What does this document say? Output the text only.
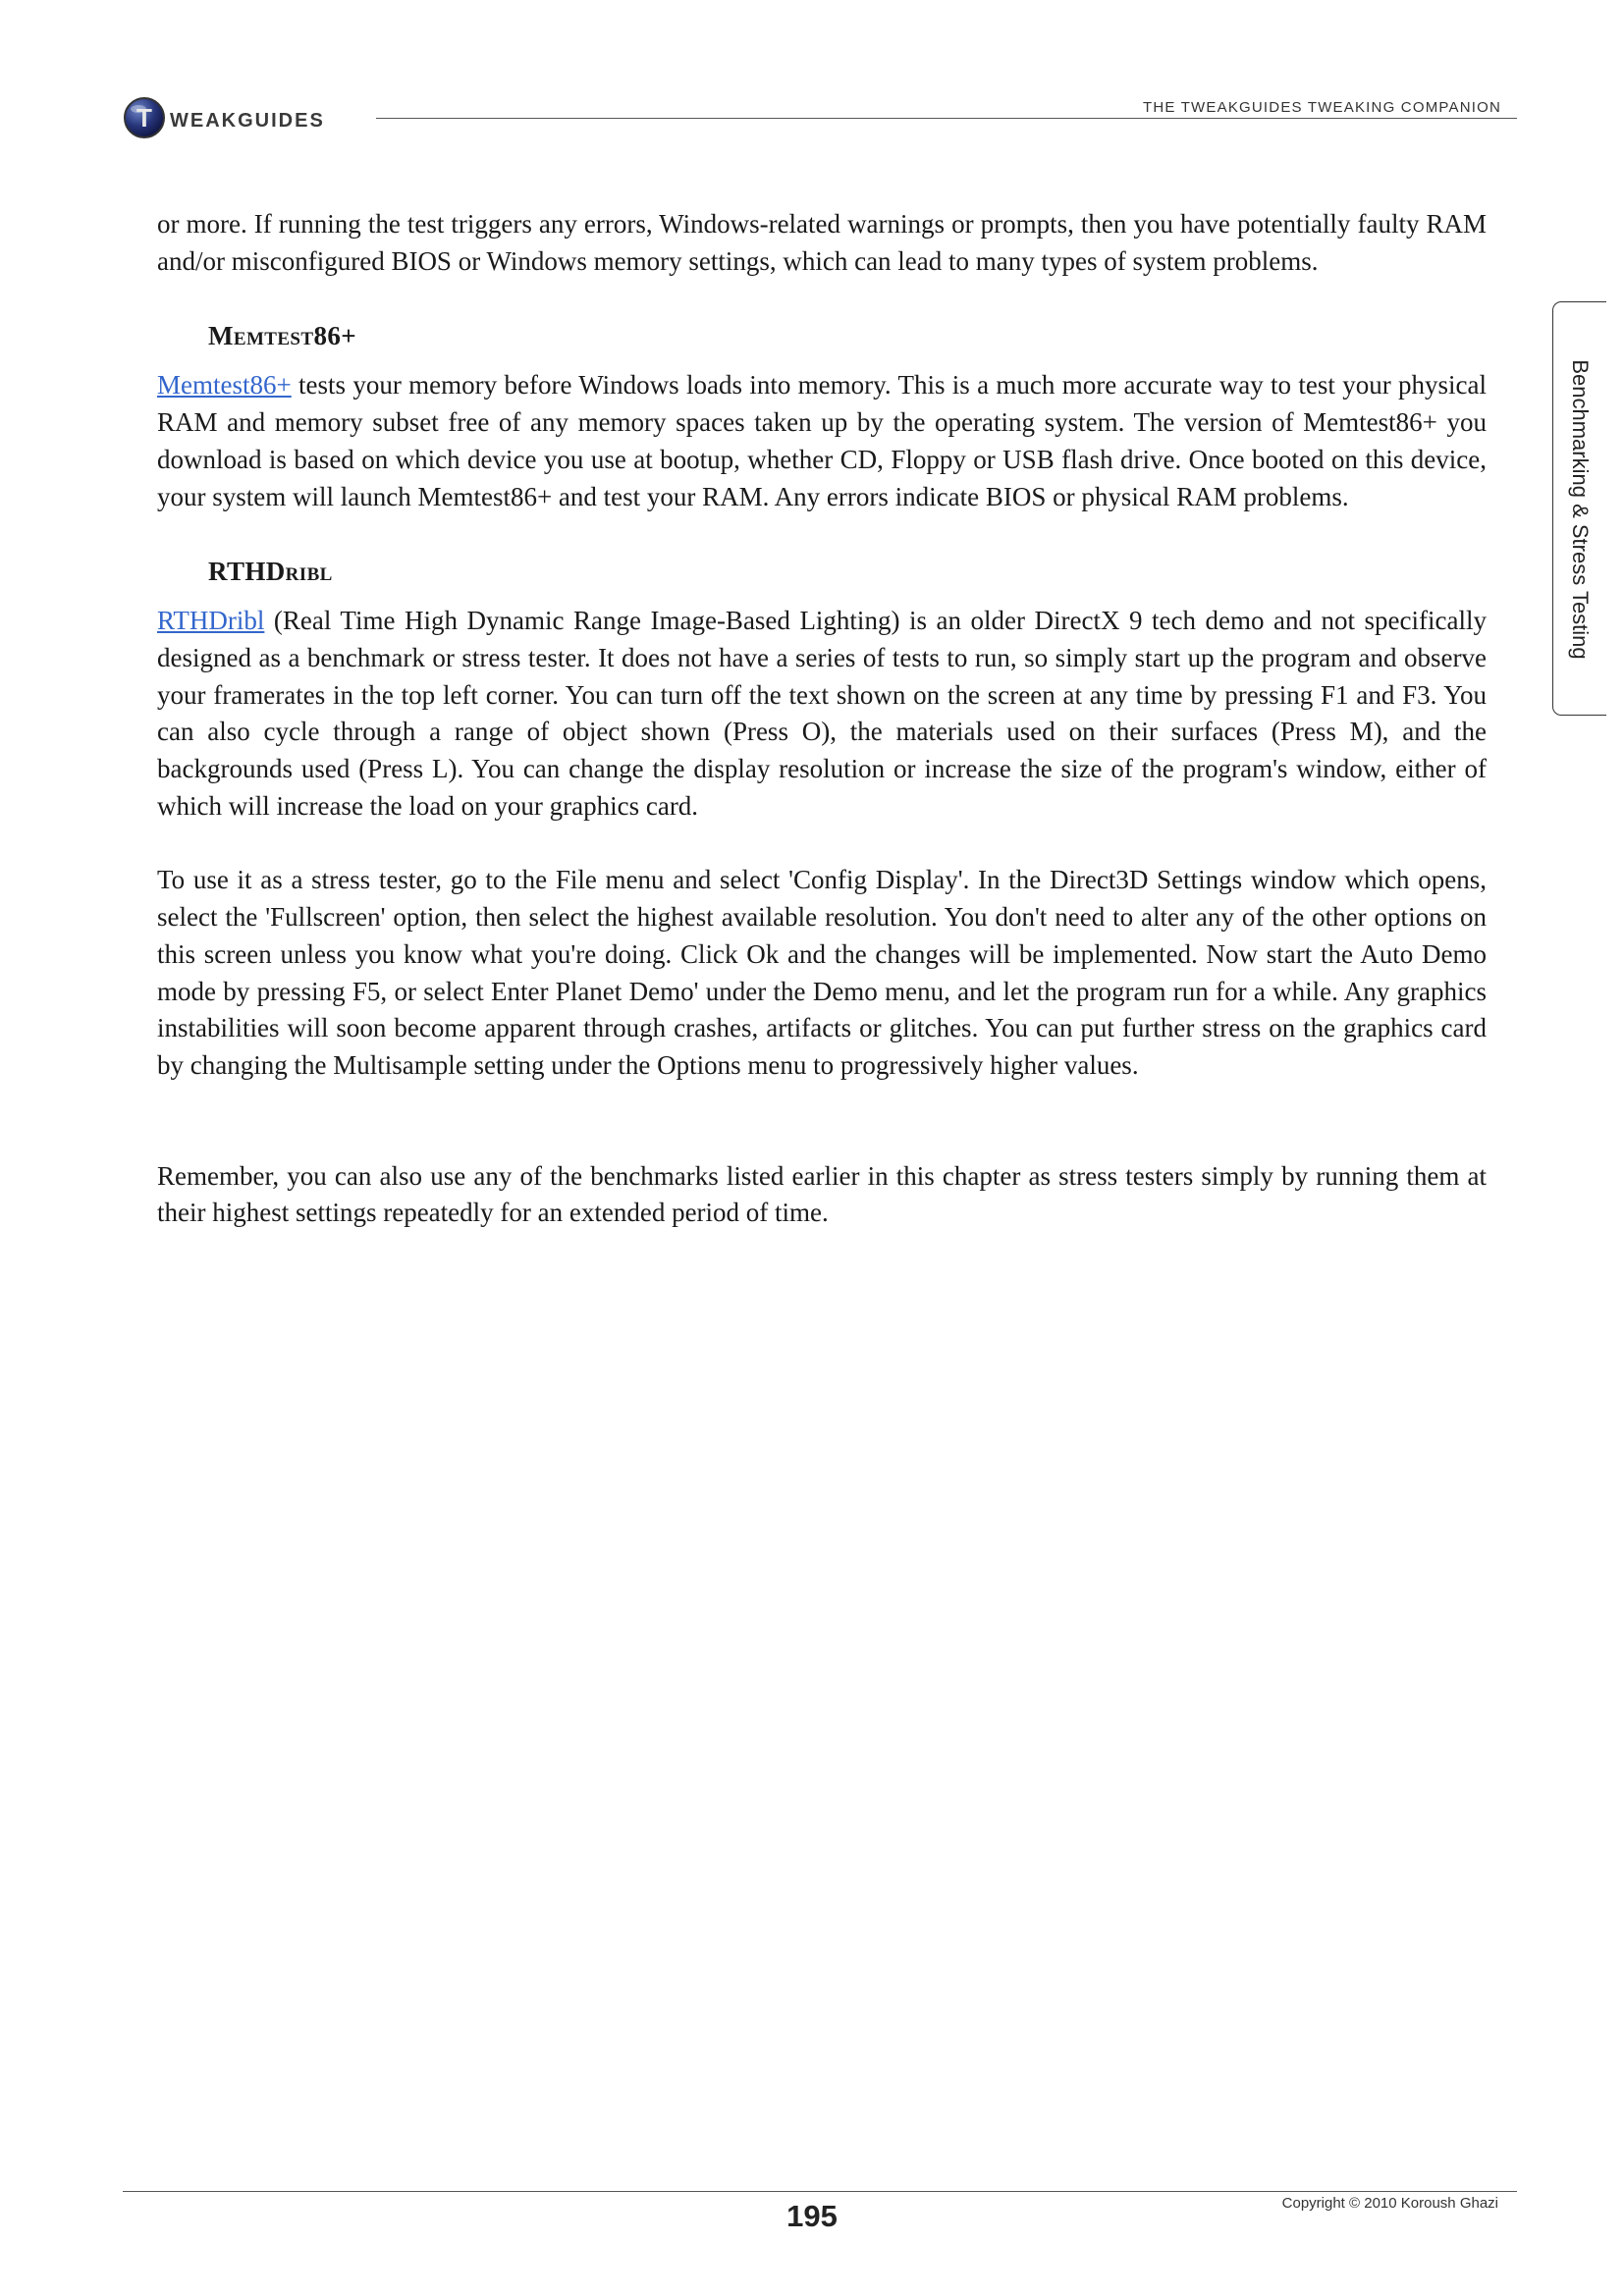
T WEAKGUIDES
THE TWEAKGUIDES TWEAKING COMPANION
Benchmarking & Stress Testing

or more. If running the test triggers any errors, Windows-related warnings or prompts, then you have potentially faulty RAM and/or misconfigured BIOS or Windows memory settings, which can lead to many types of system problems.

Memtest86+

Memtest86+ tests your memory before Windows loads into memory. This is a much more accurate way to test your physical RAM and memory subset free of any memory spaces taken up by the operating system. The version of Memtest86+ you download is based on which device you use at bootup, whether CD, Floppy or USB flash drive. Once booted on this device, your system will launch Memtest86+ and test your RAM. Any errors indicate BIOS or physical RAM problems.

RTHDribl

RTHDribl (Real Time High Dynamic Range Image-Based Lighting) is an older DirectX 9 tech demo and not specifically designed as a benchmark or stress tester. It does not have a series of tests to run, so simply start up the program and observe your framerates in the top left corner. You can turn off the text shown on the screen at any time by pressing F1 and F3. You can also cycle through a range of object shown (Press O), the materials used on their surfaces (Press M), and the backgrounds used (Press L). You can change the display resolution or increase the size of the program's window, either of which will increase the load on your graphics card.

To use it as a stress tester, go to the File menu and select 'Config Display'. In the Direct3D Settings window which opens, select the 'Fullscreen' option, then select the highest available resolution. You don't need to alter any of the other options on this screen unless you know what you're doing. Click Ok and the changes will be implemented. Now start the Auto Demo mode by pressing F5, or select Enter Planet Demo' under the Demo menu, and let the program run for a while. Any graphics instabilities will soon become apparent through crashes, artifacts or glitches. You can put further stress on the graphics card by changing the Multisample setting under the Options menu to progressively higher values.

Remember, you can also use any of the benchmarks listed earlier in this chapter as stress testers simply by running them at their highest settings repeatedly for an extended period of time.

195	Copyright © 2010 Koroush Ghazi
